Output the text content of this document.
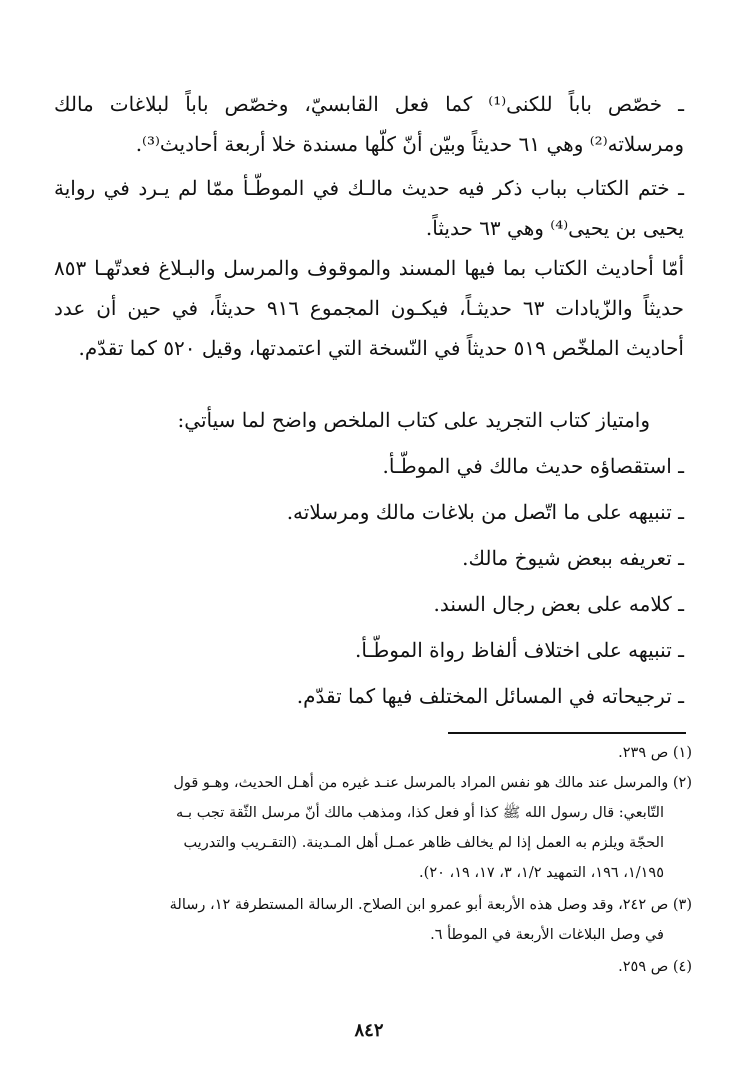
ـ خصّص باباً للكنى⁽¹⁾ كما فعل القابسيّ، وخصّص باباً لبلاغات مالك ومرسلاته⁽²⁾ وهي ٦١ حديثاً وبيّن أنّ كلّها مسندة خلا أربعة أحاديث⁽³⁾.
ـ ختم الكتاب بباب ذكر فيه حديث مالـك في الموطّـأ ممّا لم يـرد في رواية يحيى بن يحيى⁽⁴⁾ وهي ٦٣ حديثاً.
أمّا أحاديث الكتاب بما فيها المسند والموقوف والمرسل والبـلاغ فعدتّهـا ٨٥٣ حديثاً والزّيادات ٦٣ حديثـاً، فيكـون المجموع ٩١٦ حديثاً، في حين أن عدد أحاديث الملخّص ٥١٩ حديثاً في النّسخة التي اعتمدتها، وقيل ٥٢٠ كما تقدّم.
وامتياز كتاب التجريد على كتاب الملخص واضح لما سيأتي:
ـ استقصاؤه حديث مالك في الموطّـأ.
ـ تنبيهه على ما اتّصل من بلاغات مالك ومرسلاته.
ـ تعريفه ببعض شيوخ مالك.
ـ كلامه على بعض رجال السند.
ـ تنبيهه على اختلاف ألفاظ رواة الموطّـأ.
ـ ترجيحاته في المسائل المختلف فيها كما تقدّم.
(١) ص ٢٣٩.
(٢) والمرسل عند مالك هو نفس المراد بالمرسل عنـد غيره من أهـل الحديث، وهـو قول
التّابعي: قال رسول الله ﷺ كذا أو فعل كذا، ومذهب مالك أنّ مرسل الثّقة تجب بـه
الحجّة ويلزم به العمل إذا لم يخالف ظاهر عمـل أهل المـدينة. (التقـريب والتدريب
١/١٩٥، ١٩٦، التمهيد ١/٢، ٣، ١٧، ١٩، ٢٠).
(٣) ص ٢٤٢، وقد وصل هذه الأربعة أبو عمرو ابن الصلاح. الرسالة المستطرفة ١٢، رسالة
في وصل البلاغات الأربعة في الموطأ ٦.
(٤) ص ٢٥٩.
٨٤٢
